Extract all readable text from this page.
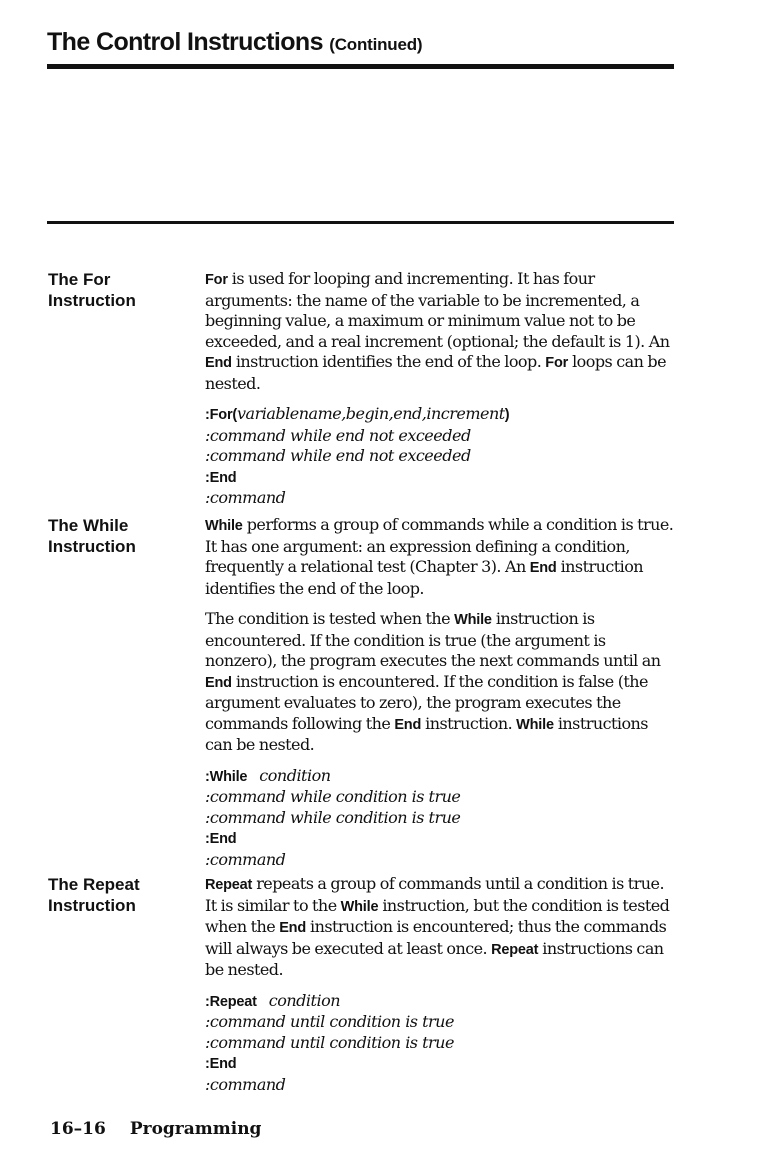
The Control Instructions (Continued)
The For
Instruction

For is used for looping and incrementing. It has four arguments: the name of the variable to be incremented, a beginning value, a maximum or minimum value not to be exceeded, and a real increment (optional; the default is 1). An End instruction identifies the end of the loop. For loops can be nested.

:For(variablename,begin,end,increment)
:command while end not exceeded
:command while end not exceeded
:End
:command
The While
Instruction

While performs a group of commands while a condition is true. It has one argument: an expression defining a condition, frequently a relational test (Chapter 3). An End instruction identifies the end of the loop.

The condition is tested when the While instruction is encountered. If the condition is true (the argument is nonzero), the program executes the next commands until an End instruction is encountered. If the condition is false (the argument evaluates to zero), the program executes the commands following the End instruction. While instructions can be nested.

:While condition
:command while condition is true
:command while condition is true
:End
:command
The Repeat
Instruction

Repeat repeats a group of commands until a condition is true. It is similar to the While instruction, but the condition is tested when the End instruction is encountered; thus the commands will always be executed at least once. Repeat instructions can be nested.

:Repeat condition
:command until condition is true
:command until condition is true
:End
:command
16–16 Programming
